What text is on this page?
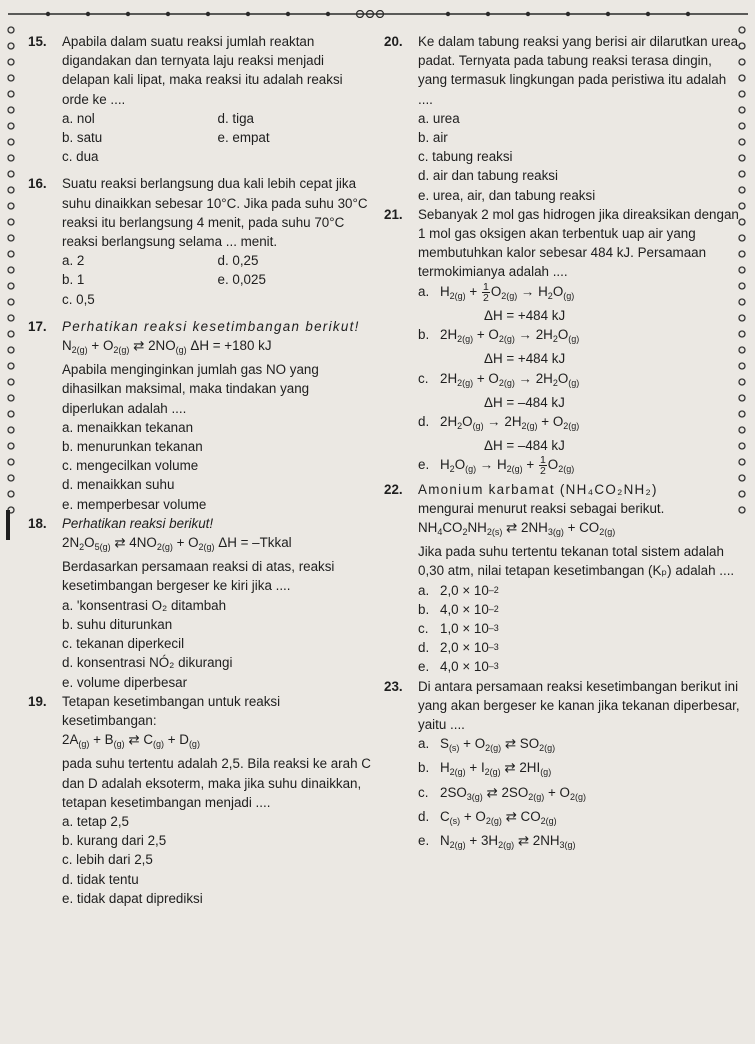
15.	Apabila dalam suatu reaksi jumlah reaktan digandakan dan ternyata laju reaksi menjadi delapan kali lipat, maka reaksi itu adalah reaksi orde ke ....
a. nol	d. tiga
b. satu	e. empat
c. dua
16.	Suatu reaksi berlangsung dua kali lebih cepat jika suhu dinaikkan sebesar 10°C. Jika pada suhu 30°C reaksi itu berlangsung 4 menit, pada suhu 70°C reaksi berlangsung selama ... menit.
a. 2	d. 0,25
b. 1	e. 0,025
c. 0,5
17.	Perhatikan reaksi kesetimbangan berikut!
$N_{2(g)} + O_{2(g)}$ ⇄ $2NO_{(g)}$ ΔH = +180 kJ
Apabila menginginkan jumlah gas NO yang dihasilkan maksimal, maka tindakan yang diperlukan adalah ....
a. menaikkan tekanan
b. menurunkan tekanan
c. mengecilkan volume
d. menaikkan suhu
e. memperbesar volume
18.	Perhatikan reaksi berikut!
$2N_2O_{5(g)}$ ⇄ $4NO_{2(g)} + O_{2(g)}$ ΔH = –Tkkal
Berdasarkan persamaan reaksi di atas, reaksi kesetimbangan bergeser ke kiri jika ....
a. 'konsentrasi O₂ ditambah
b. suhu diturunkan
c. tekanan diperkecil
d. konsentrasi NÓ₂ dikurangi
e. volume diperbesar
19.	Tetapan kesetimbangan untuk reaksi kesetimbangan:
$2A_{(g)} + B_{(g)}$ ⇄ $C_{(g)} + D_{(g)}$
pada suhu tertentu adalah 2,5. Bila reaksi ke arah C dan D adalah eksoterm, maka jika suhu dinaikkan, tetapan kesetimbangan menjadi ....
a. tetap 2,5
b. kurang dari 2,5
c. lebih dari 2,5
d. tidak tentu
e. tidak dapat diprediksi
20.	Ke dalam tabung reaksi yang berisi air dilarutkan urea padat. Ternyata pada tabung reaksi terasa dingin, yang termasuk lingkungan pada peristiwa itu adalah ....
a. urea
b. air
c. tabung reaksi
d. air dan tabung reaksi
e. urea, air, dan tabung reaksi
21.	Sebanyak 2 mol gas hidrogen jika direaksikan dengan 1 mol gas oksigen akan terbentuk uap air yang membutuhkan kalor sebesar 484 kJ. Persamaan termokimianya adalah ....
a. $H_{2(g)} + \frac{1}{2} O_{2(g)} \to H_2O_{(g)}$
ΔH = +484 kJ
b. $2H_{2(g)} + O_{2(g)} \to 2H_2O_{(g)}$
ΔH = +484 kJ
c. $2H_{2(g)} + O_{2(g)} \to 2H_2O_{(g)}$
ΔH = –484 kJ
d. $2H_2O_{(g)} \to 2H_{2(g)} + O_{2(g)}$
ΔH = –484 kJ
e. $H_2O_{(g)} \to H_{2(g)} + \frac{1}{2} O_{2(g)}$
22.	Amonium karbamat (NH₄CO₂NH₂)
mengurai menurut reaksi sebagai berikut.
$NH_4CO_2NH_{2(s)}$ ⇄ $2NH_{3(g)} + CO_{2(g)}$
Jika pada suhu tertentu tekanan total sistem adalah 0,30 atm, nilai tetapan kesetimbangan (Kₚ) adalah ....
a. 2,0 × 10 –2
b. 4,0 × 10 –2
c. 1,0 × 10 –3
d. 2,0 × 10 –3
e. 4,0 × 10 –3
23.	Di antara persamaan reaksi kesetimbangan berikut ini yang akan bergeser ke kanan jika tekanan diperbesar, yaitu ....
a. $S_{(s)} + O_{2(g)}$ ⇄ $SO_{2(g)}$
b. $H_{2(g)} + I_{2(g)}$ ⇄ $2HI_{(g)}$
c. $2SO_{3(g)}$ ⇄ $2SO_{2(g)} + O_{2(g)}$
d. $C_{(s)} + O_{2(g)}$ ⇄ $CO_{2(g)}$
e. $N_{2(g)} + 3H_{2(g)}$ ⇄ $2NH_{3(g)}$
